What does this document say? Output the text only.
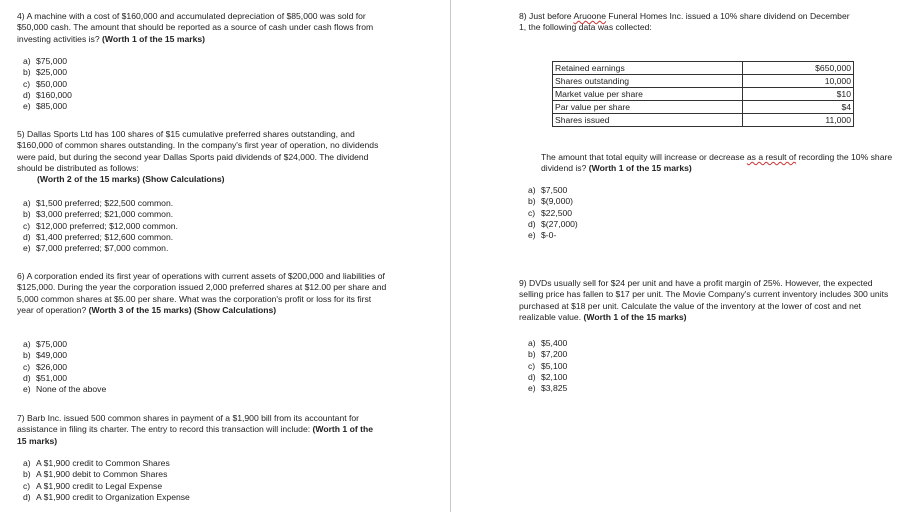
4) A machine with a cost of $160,000 and accumulated depreciation of $85,000 was sold for $50,000 cash. The amount that should be reported as a source of cash under cash flows from investing activities is? (Worth 1 of the 15 marks)
a) $75,000
b) $25,000
c) $50,000
d) $160,000
e) $85,000
5) Dallas Sports Ltd has 100 shares of $15 cumulative preferred shares outstanding, and $160,000 of common shares outstanding. In the company's first year of operation, no dividends were paid, but during the second year Dallas Sports paid dividends of $24,000. The dividend should be distributed as follows:
(Worth 2 of the 15 marks) (Show Calculations)
a) $1,500 preferred; $22,500 common.
b) $3,000 preferred; $21,000 common.
c) $12,000 preferred; $12,000 common.
d) $1,400 preferred; $12,600 common.
e) $7,000 preferred; $7,000 common.
6) A corporation ended its first year of operations with current assets of $200,000 and liabilities of $125,000. During the year the corporation issued 2,000 preferred shares at $12.00 per share and 5,000 common shares at $5.00 per share. What was the corporation's profit or loss for its first year of operation? (Worth 3 of the 15 marks) (Show Calculations)
a) $75,000
b) $49,000
c) $26,000
d) $51,000
e) None of the above
7) Barb Inc. issued 500 common shares in payment of a $1,900 bill from its accountant for assistance in filing its charter. The entry to record this transaction will include: (Worth 1 of the 15 marks)
a) A $1,900 credit to Common Shares
b) A $1,900 debit to Common Shares
c) A $1,900 credit to Legal Expense
d) A $1,900 credit to Organization Expense
8) Just before Aruoone Funeral Homes Inc. issued a 10% share dividend on December 1, the following data was collected:
Retained earnings	$650,000
Shares outstanding	10,000
Market value per share	$10
Par value per share	$4
Shares issued	11,000
The amount that total equity will increase or decrease as a result of recording the 10% share dividend is? (Worth 1 of the 15 marks)
a) $7,500
b) $(9,000)
c) $22,500
d) $(27,000)
e) $-0-
9) DVDs usually sell for $24 per unit and have a profit margin of 25%. However, the expected selling price has fallen to $17 per unit. The Movie Company's current inventory includes 300 units purchased at $18 per unit. Calculate the value of the inventory at the lower of cost and net realizable value. (Worth 1 of the 15 marks)
a) $5,400
b) $7,200
c) $5,100
d) $2,100
e) $3,825
